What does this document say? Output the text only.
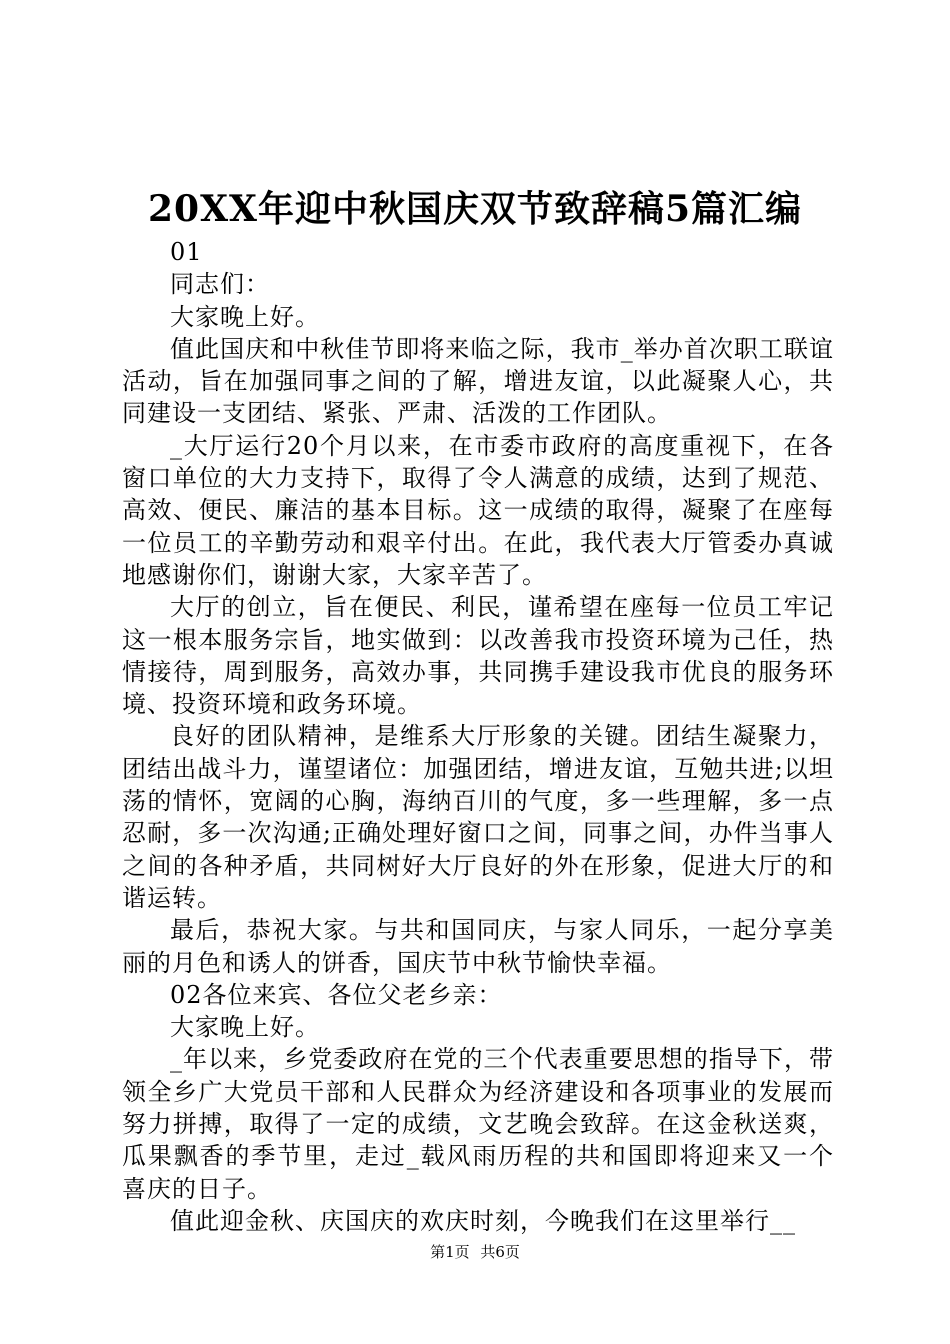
20XX年迎中秋国庆双节致辞稿5篇汇编

01

同志们：

大家晚上好。

值此国庆和中秋佳节即将来临之际，我市_举办首次职工联谊活动，旨在加强同事之间的了解，增进友谊，以此凝聚人心，共同建设一支团结、紧张、严肃、活泼的工作团队。

_大厅运行20个月以来，在市委市政府的高度重视下，在各窗口单位的大力支持下，取得了令人满意的成绩，达到了规范、高效、便民、廉洁的基本目标。这一成绩的取得，凝聚了在座每一位员工的辛勤劳动和艰辛付出。在此，我代表大厅管委办真诚地感谢你们，谢谢大家，大家辛苦了。

大厅的创立，旨在便民、利民，谨希望在座每一位员工牢记这一根本服务宗旨，地实做到：以改善我市投资环境为己任，热情接待，周到服务，高效办事，共同携手建设我市优良的服务环境、投资环境和政务环境。

良好的团队精神，是维系大厅形象的关键。团结生凝聚力，团结出战斗力，谨望诸位：加强团结，增进友谊，互勉共进;以坦荡的情怀，宽阔的心胸，海纳百川的气度，多一些理解，多一点忍耐，多一次沟通;正确处理好窗口之间，同事之间，办件当事人之间的各种矛盾，共同树好大厅良好的外在形象，促进大厅的和谐运转。

最后，恭祝大家。与共和国同庆，与家人同乐，一起分享美丽的月色和诱人的饼香，国庆节中秋节愉快幸福。

02各位来宾、各位父老乡亲：

大家晚上好。

_年以来，乡党委政府在党的三个代表重要思想的指导下，带领全乡广大党员干部和人民群众为经济建设和各项事业的发展而努力拼搏，取得了一定的成绩，文艺晚会致辞。在这金秋送爽，瓜果飘香的季节里，走过_载风雨历程的共和国即将迎来又一个喜庆的日子。

值此迎金秋、庆国庆的欢庆时刻，今晚我们在这里举行__

第1页 共6页
